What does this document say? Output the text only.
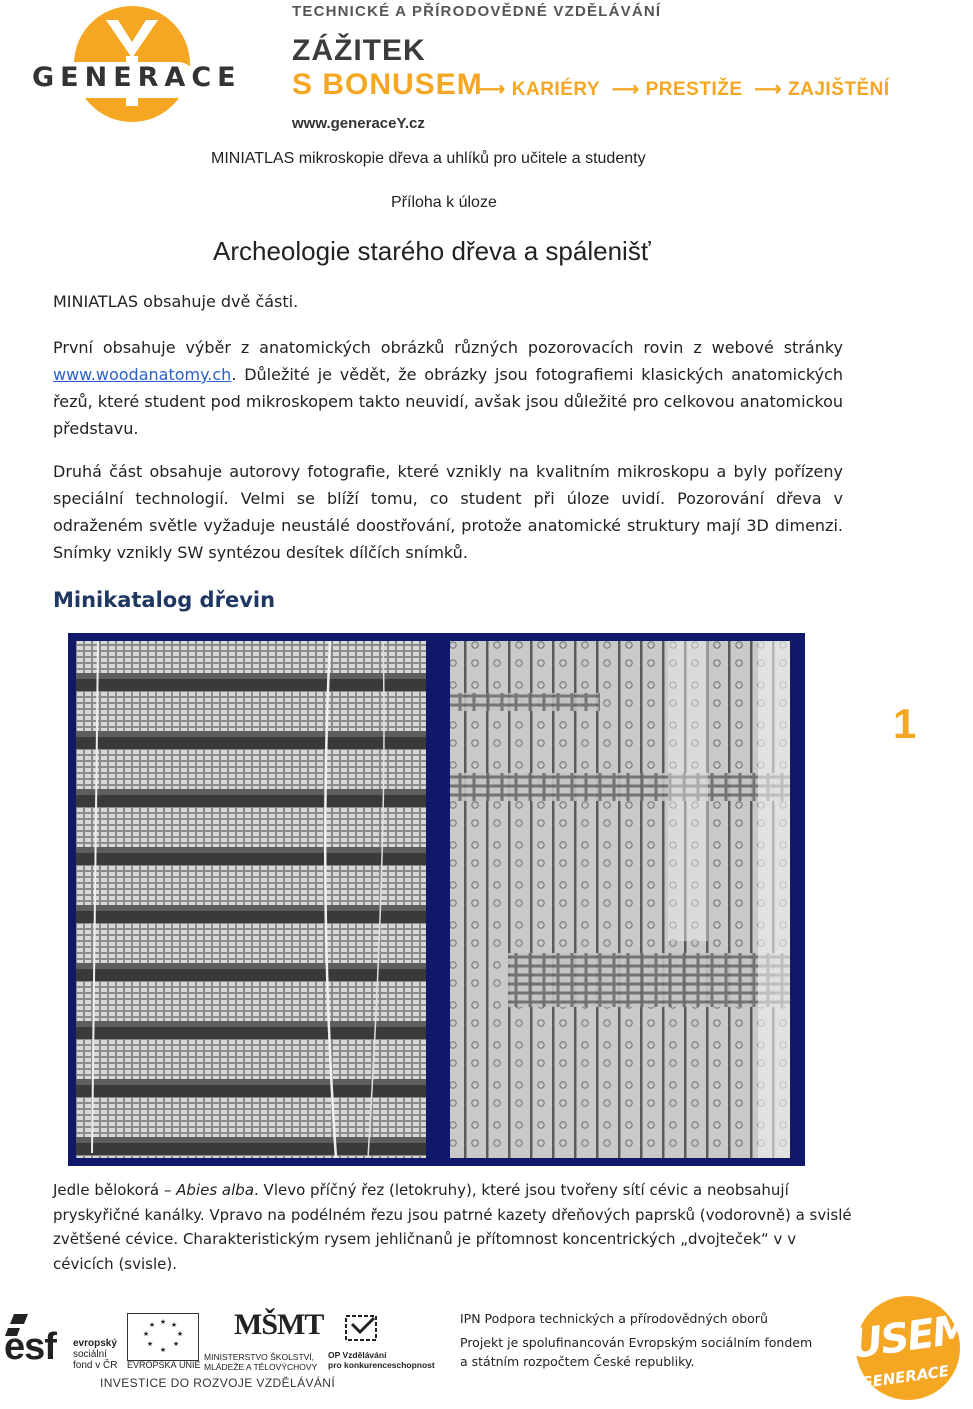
GENERACE
TECHNICKÉ A PŘÍRODOVĚDNÉ VZDĚLÁVÁNÍ
ZÁŽITEK
S BONUSEM
⟶ KARIÉRY ⟶ PRESTIŽE ⟶ ZAJIŠTĚNÍ
www.generaceY.cz
MINIATLAS mikroskopie dřeva a uhlíků pro učitele a studenty
Příloha k úloze
Archeologie starého dřeva a spálenišť
MINIATLAS obsahuje dvě části.
První obsahuje výběr z anatomických obrázků různých pozorovacích rovin z webové stránky www.woodanatomy.ch. Důležité je vědět, že obrázky jsou fotografiemi klasických anatomických řezů, které student pod mikroskopem takto neuvidí, avšak jsou důležité pro celkovou anatomickou představu.
Druhá část obsahuje autorovy fotografie, které vznikly na kvalitním mikroskopu a byly pořízeny speciální technologií. Velmi se blíží tomu, co student při úloze uvidí. Pozorování dřeva v odraženém světle vyžaduje neustálé doostřování, protože anatomické struktury mají 3D dimenzi. Snímky vznikly SW syntézou desítek dílčích snímků.
Minikatalog dřevin
1
Jedle bělokorá – Abies alba. Vlevo příčný řez (letokruhy), které jsou tvořeny sítí cévic a neobsahují pryskyřičné kanálky. Vpravo na podélném řezu jsou patrné kazety dřeňových paprsků (vodorovně) a svislé zvětšené cévice. Charakteristickým rysem jehličnanů je přítomnost koncentrických „dvojteček“ v v cévicích (svisle).
esf evropský
sociální
fond v ČR
★ ★
★
★
★
★
★
★
EVROPSKÁ UNIE
MŠMT
MINISTERSTVO ŠKOLSTVÍ,
MLÁDEŽE A TĚLOVÝCHOVY
OP Vzdělávání
pro konkurenceschopnost
INVESTICE DO ROZVOJE VZDĚLÁVÁNÍ
IPN Podpora technických a přírodovědných oborů
Projekt je spolufinancován Evropským sociálním fondem
a státním rozpočtem České republiky.	USEM
GENERACE
